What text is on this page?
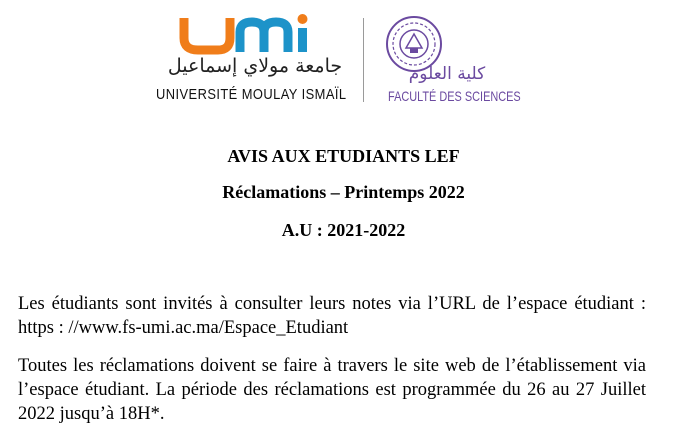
جامعة مولاي إسماعيل
UNIVERSITÉ MOULAY ISMAÏL
كلية العلوم
FACULTÉ DES SCIENCES
AVIS AUX ETUDIANTS LEF
Réclamations – Printemps 2022
A.U : 2021-2022

Les étudiants sont invités à consulter leurs notes via l’URL de l’espace étudiant : https : //www.fs-umi.ac.ma/Espace_Etudiant

Toutes les réclamations doivent se faire à travers le site web de l’établissement via l’espace étudiant. La période des réclamations est programmée du 26 au 27 Juillet 2022 jusqu’à 18H*.
